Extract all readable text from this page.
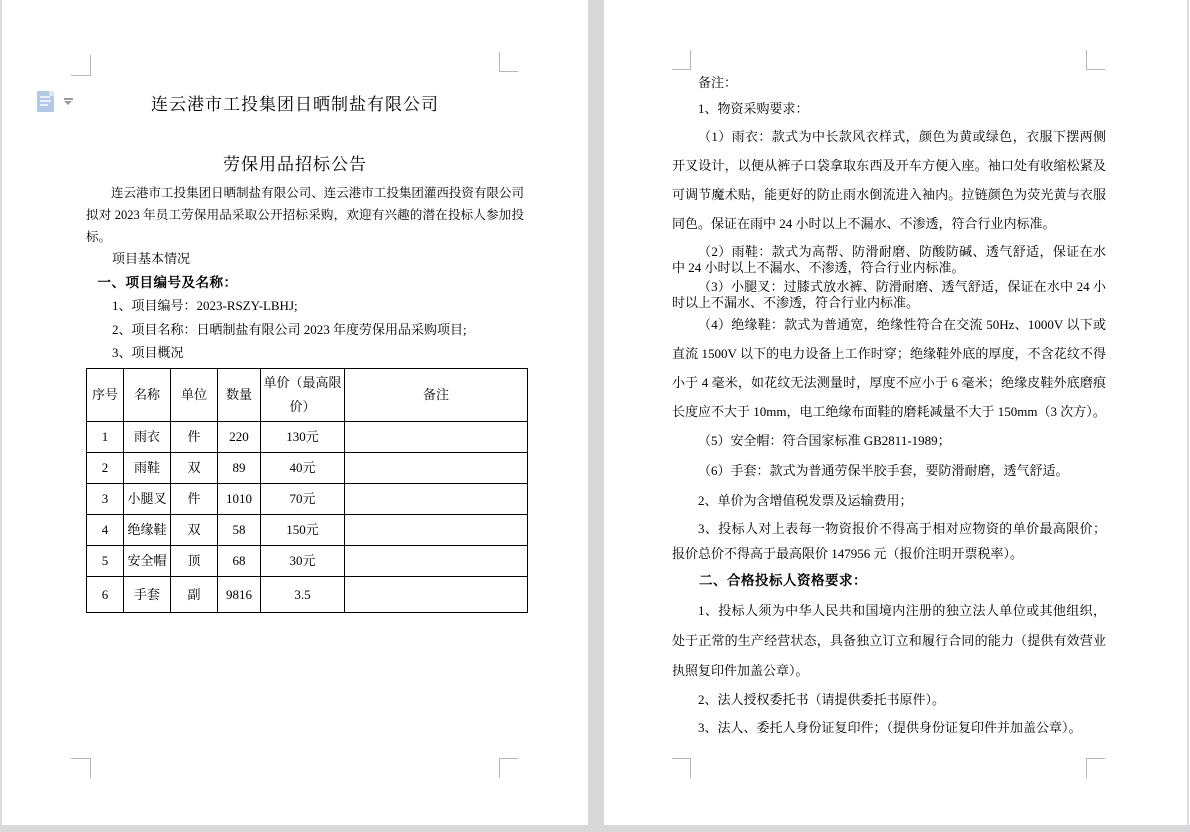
连云港市工投集团日晒制盐有限公司
劳保用品招标公告
连云港市工投集团日晒制盐有限公司、连云港市工投集团灌西投资有限公司拟对 2023 年员工劳保用品采取公开招标采购，欢迎有兴趣的潜在投标人参加投标。
项目基本情况
一、项目编号及名称：
1、项目编号：2023-RSZY-LBHJ;
2、项目名称：日晒制盐有限公司 2023 年度劳保用品采购项目;
3、项目概况
序号	名称	单位	数量	单价（最高限价）	备注
1	雨衣	件	220	130元	
2	雨鞋	双	89	40元	
3	小腿叉	件	1010	70元	
4	绝缘鞋	双	58	150元	
5	安全帽	顶	68	30元	
6	手套	副	9816	3.5	
备注：
1、物资采购要求：
（1）雨衣：款式为中长款风衣样式，颜色为黄或绿色，衣服下摆两侧开叉设计，以便从裤子口袋拿取东西及开车方便入座。袖口处有收缩松紧及可调节魔术贴，能更好的防止雨水倒流进入袖内。拉链颜色为荧光黄与衣服同色。保证在雨中 24 小时以上不漏水、不渗透，符合行业内标准。
（2）雨鞋：款式为高帮、防滑耐磨、防酸防碱、透气舒适，保证在水中 24 小时以上不漏水、不渗透，符合行业内标准。
（3）小腿叉：过膝式放水裤、防滑耐磨、透气舒适，保证在水中 24 小时以上不漏水、不渗透，符合行业内标准。
（4）绝缘鞋：款式为普通宽，绝缘性符合在交流 50Hz、1000V 以下或直流 1500V 以下的电力设备上工作时穿；绝缘鞋外底的厚度，不含花纹不得小于 4 毫米，如花纹无法测量时，厚度不应小于 6 毫米；绝缘皮鞋外底磨痕长度应不大于 10mm，电工绝缘布面鞋的磨耗减量不大于 150mm（3 次方）。
（5）安全帽：符合国家标准 GB2811-1989；
（6）手套：款式为普通劳保半胶手套，要防滑耐磨，透气舒适。
2、单价为含增值税发票及运输费用；
3、投标人对上表每一物资报价不得高于相对应物资的单价最高限价；报价总价不得高于最高限价 147956 元（报价注明开票税率）。
二、合格投标人资格要求：
1、投标人须为中华人民共和国境内注册的独立法人单位或其他组织，处于正常的生产经营状态，具备独立订立和履行合同的能力（提供有效营业执照复印件加盖公章）。
2、法人授权委托书（请提供委托书原件）。
3、法人、委托人身份证复印件；（提供身份证复印件并加盖公章）。
